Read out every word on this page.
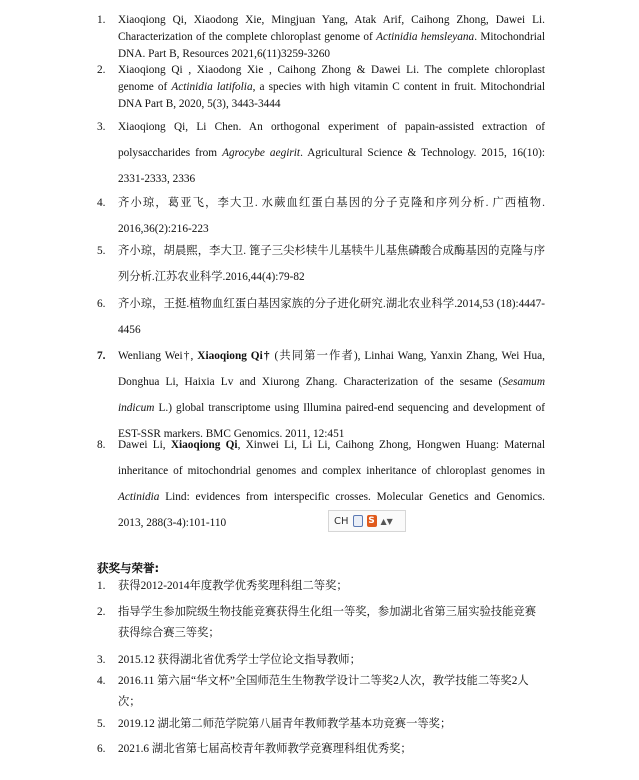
1.	Xiaoqiong Qi, Xiaodong Xie, Mingjuan Yang, Atak Arif, Caihong Zhong, Dawei Li. Characterization of the complete chloroplast genome of Actinidia hemsleyana. Mitochondrial DNA. Part B, Resources 2021,6(11)3259-3260
2.	Xiaoqiong Qi , Xiaodong Xie , Caihong Zhong & Dawei Li. The complete chloroplast genome of Actinidia latifolia, a species with high vitamin C content in fruit. Mitochondrial DNA Part B, 2020, 5(3), 3443-3444
3.	Xiaoqiong Qi, Li Chen. An orthogonal experiment of papain-assisted extraction of polysaccharides from Agrocybe aegirit. Agricultural Science & Technology. 2015, 16(10): 2331-2333, 2336
4.	齐小琼，葛亚飞，李大卫. 水蕨血红蛋白基因的分子克隆和序列分析. 广西植物. 2016,36(2):216-223
5.	齐小琼，胡晨熙，李大卫. 篦子三尖杉犊牛儿基犊牛儿基焦磷酸合成酶基因的克隆与序列分析.江苏农业科学.2016,44(4):79-82
6.	齐小琼，王挺.植物血红蛋白基因家族的分子进化研究.湖北农业科学.2014,53 (18):4447-4456
7.	Wenliang Wei†, Xiaoqiong Qi† (共同第一作者), Linhai Wang, Yanxin Zhang, Wei Hua, Donghua Li, Haixia Lv and Xiurong Zhang. Characterization of the sesame (Sesamum indicum L.) global transcriptome using Illumina paired-end sequencing and development of EST-SSR markers. BMC Genomics. 2011, 12:451
8.	Dawei Li, Xiaoqiong Qi, Xinwei Li, Li Li, Caihong Zhong, Hongwen Huang: Maternal inheritance of mitochondrial genomes and complex inheritance of chloroplast genomes in Actinidia Lind: evidences from interspecific crosses. Molecular Genetics and Genomics. 2013, 288(3-4):101-110
获奖与荣誉:
1. 获得2012-2014年度教学优秀奖理科组二等奖；
2. 指导学生参加院级生物技能竞赛获得生化组一等奖，参加湖北省第三届实验技能竞赛获得综合赛三等奖；
3. 2015.12 获得湖北省优秀学士学位论文指导教师；
4. 2016.11 第六届“华文杯”全国师范生生物教学设计二等奖2人次，教学技能二等奖2人次；
5. 2019.12 湖北第二师范学院第八届青年教师教学基本功竞赛一等奖；
6. 2021.6 湖北省第七届高校青年教师教学竞赛理科组优秀奖；
CH S ▲▼
